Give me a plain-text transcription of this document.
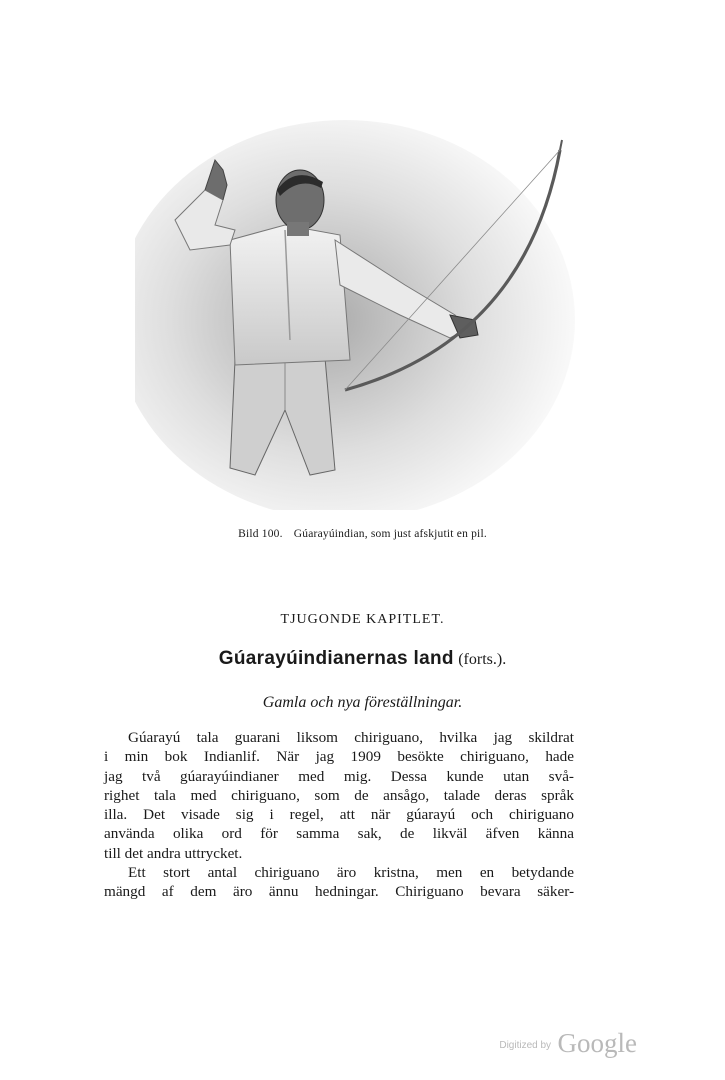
Bild 100. Gúarayúindian, som just afskjutit en pil.
TJUGONDE KAPITLET.
Gúarayúindianernas land (forts.).
Gamla och nya föreställningar.

Gúarayú tala guarani liksom chiriguano, hvilka jag skildrat
i min bok Indianlif. När jag 1909 besökte chiriguano, hade
jag två gúarayúindianer med mig. Dessa kunde utan svå-
righet tala med chiriguano, som de ansågo, talade deras språk
illa. Det visade sig i regel, att när gúarayú och chiriguano
använda olika ord för samma sak, de likväl äfven känna
till det andra uttrycket.

Ett stort antal chiriguano äro kristna, men en betydande
mängd af dem äro ännu hedningar. Chiriguano bevara säker-

$^{Digitized by}$ Google
